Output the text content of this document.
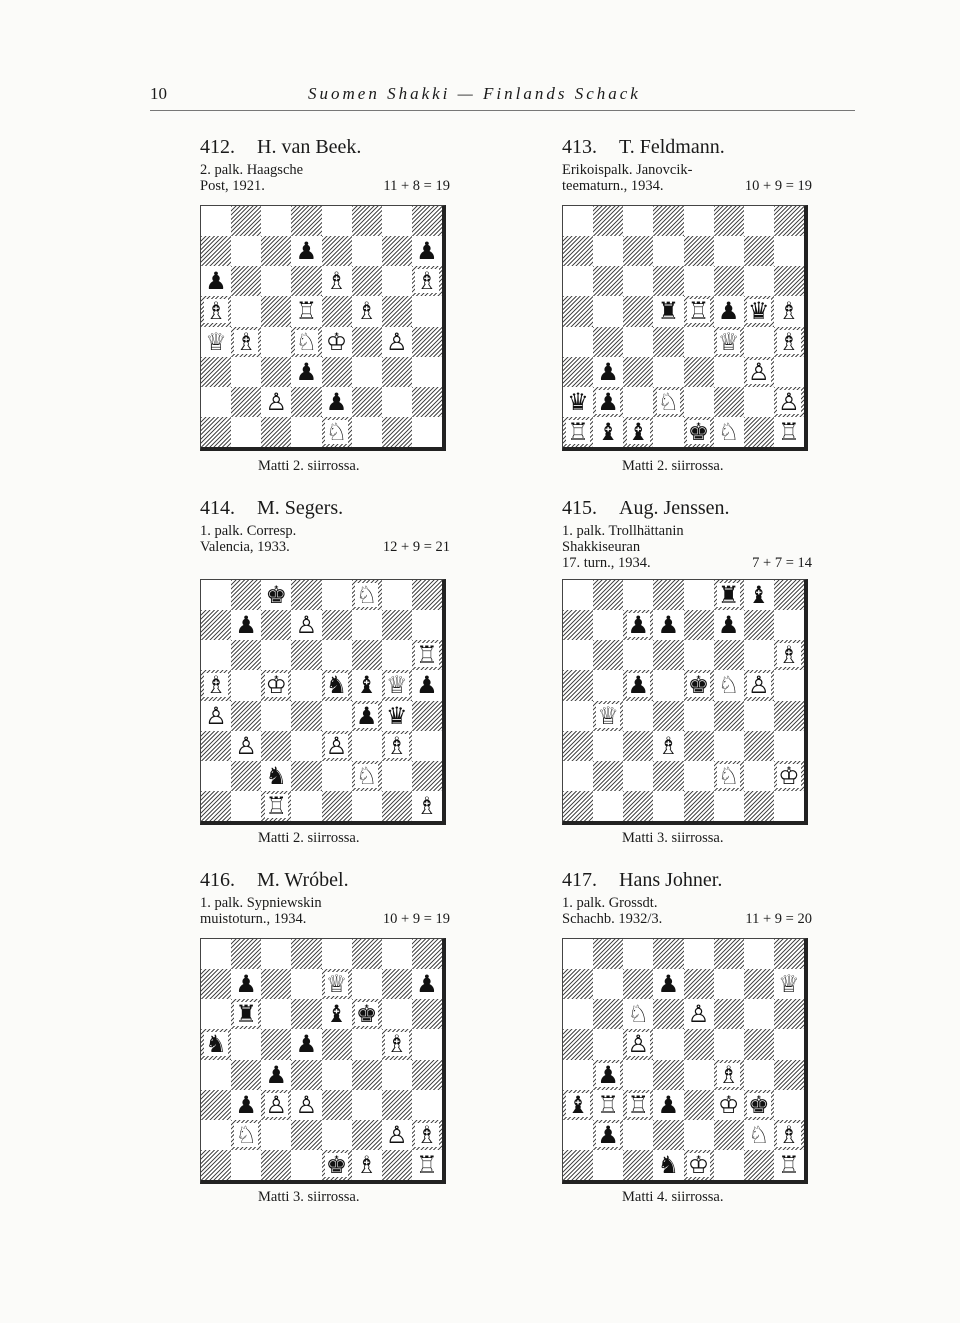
10	Suomen Shakki — Finlands Schack
412. H. van Beek.
2. palk. Haagsche
Post, 1921.	11 + 8 = 19
♟	♟
♟	♗	♗
♗	♖ ♗
♕ ♗ ♘ ♔ ♙
♟
♙ ♟
♘
Matti 2. siirrossa.
413. T. Feldmann.
Erikoispalk. Janovcik-
teematurn., 1934.	10 + 9 = 19
♜ ♖ ♟ ♛ ♗
♕ ♗
♟	♙
♛ ♟ ♘	♙
♖ ♝ ♝ ♚ ♘ ♖
Matti 2. siirrossa.
414. M. Segers.
1. palk. Corresp.
Valencia, 1933.	12 + 9 = 21
♚	♘
♟ ♙
♖
♗ ♔ ♞ ♝ ♕ ♟
♙	♟ ♛
♙	♙ ♗
♞	♘
♖	♗
Matti 2. siirrossa.
415. Aug. Jenssen.
1. palk. Trollhättanin
Shakkiseuran
17. turn., 1934.	7 + 7 = 14
♜ ♝
♟ ♟ ♟
♗
♟ ♚ ♘ ♙
♕
♗
♘ ♔
Matti 3. siirrossa.
416. M. Wróbel.
1. palk. Sypniewskin
muistoturn., 1934.	10 + 9 = 19
♟	♕	♟
♜	♝ ♚
♞	♟	♗
♟
♟ ♙ ♙
♘	♙ ♗
♚ ♗ ♖
Matti 3. siirrossa.
417. Hans Johner.
1. palk. Grossdt.
Schachb. 1932/3.	11 + 9 = 20
♟	♕
♘ ♙
♙
♟	♗
♝ ♖ ♖ ♟ ♔ ♚
♟	♘ ♗
♞ ♔	♖
Matti 4. siirrossa.
